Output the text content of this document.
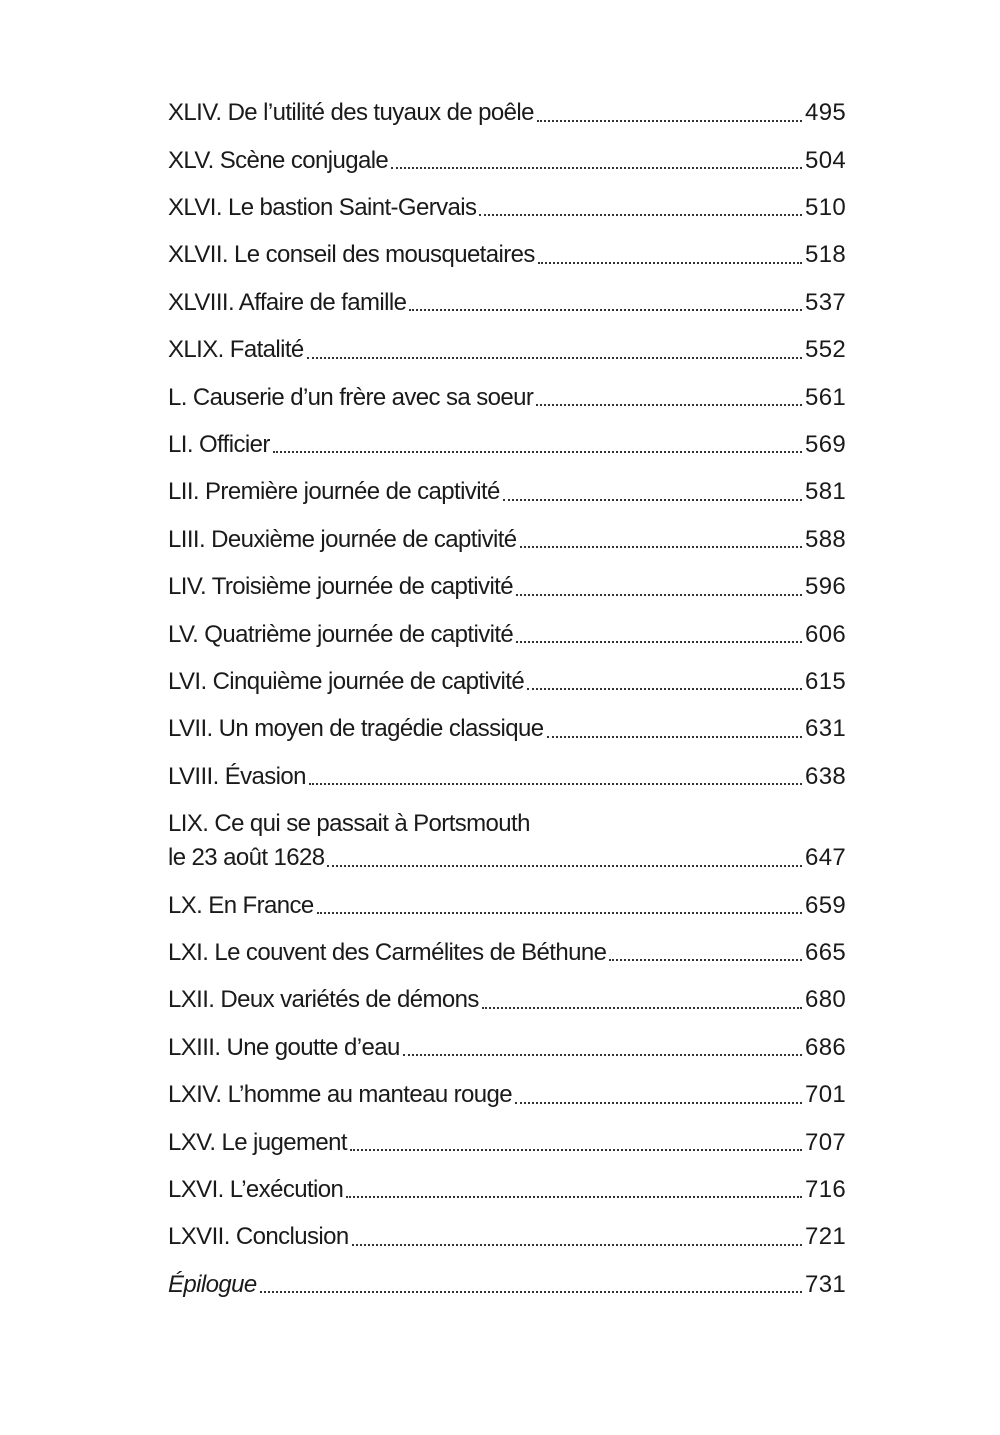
XLIV. De l’utilité des tuyaux de poêle	495
XLV. Scène conjugale	504
XLVI. Le bastion Saint-Gervais	510
XLVII. Le conseil des mousquetaires	518
XLVIII. Affaire de famille	537
XLIX. Fatalité	552
L. Causerie d’un frère avec sa soeur	561
LI. Officier	569
LII. Première journée de captivité	581
LIII. Deuxième journée de captivité	588
LIV. Troisième journée de captivité	596
LV. Quatrième journée de captivité	606
LVI. Cinquième journée de captivité	615
LVII. Un moyen de tragédie classique	631
LVIII. Évasion	638
LIX. Ce qui se passait à Portsmouth
le 23 août 1628	647
LX. En France	659
LXI. Le couvent des Carmélites de Béthune	665
LXII. Deux variétés de démons	680
LXIII. Une goutte d’eau	686
LXIV. L’homme au manteau rouge	701
LXV. Le jugement	707
LXVI. L’exécution	716
LXVII. Conclusion	721
Épilogue	731
